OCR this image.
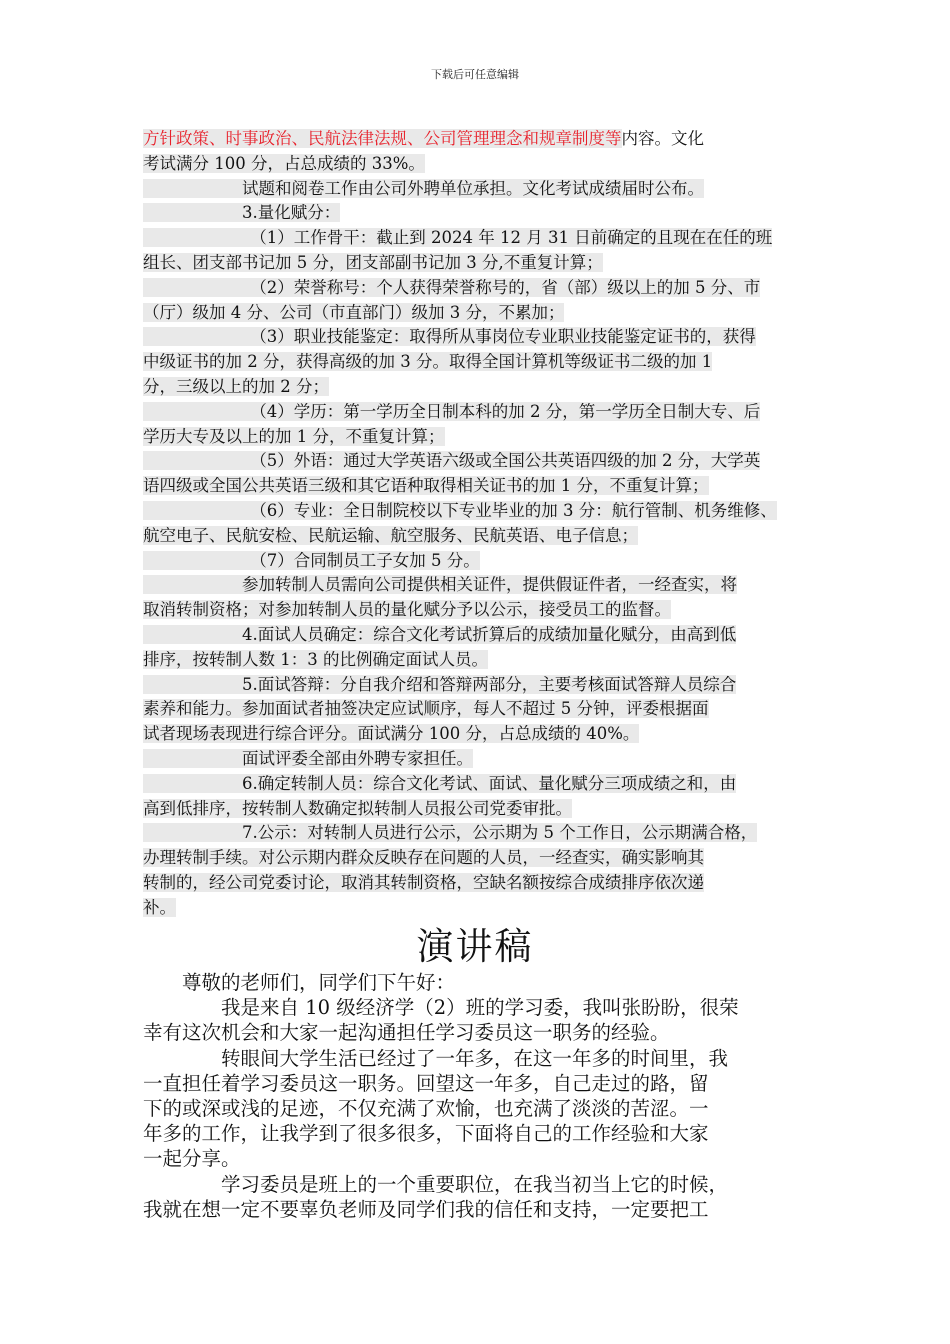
下载后可任意编辑
方针政策、时事政治、民航法律法规、公司管理理念和规章制度等内容。文化
考试满分 100 分，占总成绩的 33%。
　　　　　　试题和阅卷工作由公司外聘单位承担。文化考试成绩届时公布。
　　　　　　3.量化赋分：
　　　　　　　（1）工作骨干：截止到 2024 年 12 月 31 日前确定的且现在在任的班
组长、团支部书记加 5 分，团支部副书记加 3 分,不重复计算；
　　　　　　　（2）荣誉称号：个人获得荣誉称号的，省（部）级以上的加 5 分、市
（厅）级加 4 分、公司（市直部门）级加 3 分，不累加；
　　　　　　　（3）职业技能鉴定：取得所从事岗位专业职业技能鉴定证书的，获得
中级证书的加 2 分，获得高级的加 3 分。取得全国计算机等级证书二级的加 1
分，三级以上的加 2 分；
　　　　　　　（4）学历：第一学历全日制本科的加 2 分，第一学历全日制大专、后
学历大专及以上的加 1 分，不重复计算；
　　　　　　　（5）外语：通过大学英语六级或全国公共英语四级的加 2 分，大学英
语四级或全国公共英语三级和其它语种取得相关证书的加 1 分，不重复计算；
　　　　　　　（6）专业：全日制院校以下专业毕业的加 3 分：航行管制、机务维修、
航空电子、民航安检、民航运输、航空服务、民航英语、电子信息；
　　　　　　　（7）合同制员工子女加 5 分。
　　　　　　参加转制人员需向公司提供相关证件，提供假证件者，一经查实，将
取消转制资格；对参加转制人员的量化赋分予以公示，接受员工的监督。
　　　　　　4.面试人员确定：综合文化考试折算后的成绩加量化赋分，由高到低
排序，按转制人数 1：3 的比例确定面试人员。
　　　　　　5.面试答辩：分自我介绍和答辩两部分，主要考核面试答辩人员综合
素养和能力。参加面试者抽签决定应试顺序，每人不超过 5 分钟，评委根据面
试者现场表现进行综合评分。面试满分 100 分，占总成绩的 40%。
　　　　　　面试评委全部由外聘专家担任。
　　　　　　6.确定转制人员：综合文化考试、面试、量化赋分三项成绩之和，由
高到低排序，按转制人数确定拟转制人员报公司党委审批。
　　　　　　7.公示：对转制人员进行公示，公示期为 5 个工作日，公示期满合格，
办理转制手续。对公示期内群众反映存在问题的人员，一经查实，确实影响其
转制的，经公司党委讨论，取消其转制资格，空缺名额按综合成绩排序依次递
补。
演讲稿
　　尊敬的老师们，同学们下午好：
　　　　我是来自 10 级经济学（2）班的学习委，我叫张盼盼，很荣
幸有这次机会和大家一起沟通担任学习委员这一职务的经验。
　　　　转眼间大学生活已经过了一年多，在这一年多的时间里，我
一直担任着学习委员这一职务。回望这一年多，自己走过的路，留
下的或深或浅的足迹，不仅充满了欢愉，也充满了淡淡的苦涩。一
年多的工作，让我学到了很多很多，下面将自己的工作经验和大家
一起分享。
　　　　学习委员是班上的一个重要职位，在我当初当上它的时候，
我就在想一定不要辜负老师及同学们我的信任和支持，一定要把工
